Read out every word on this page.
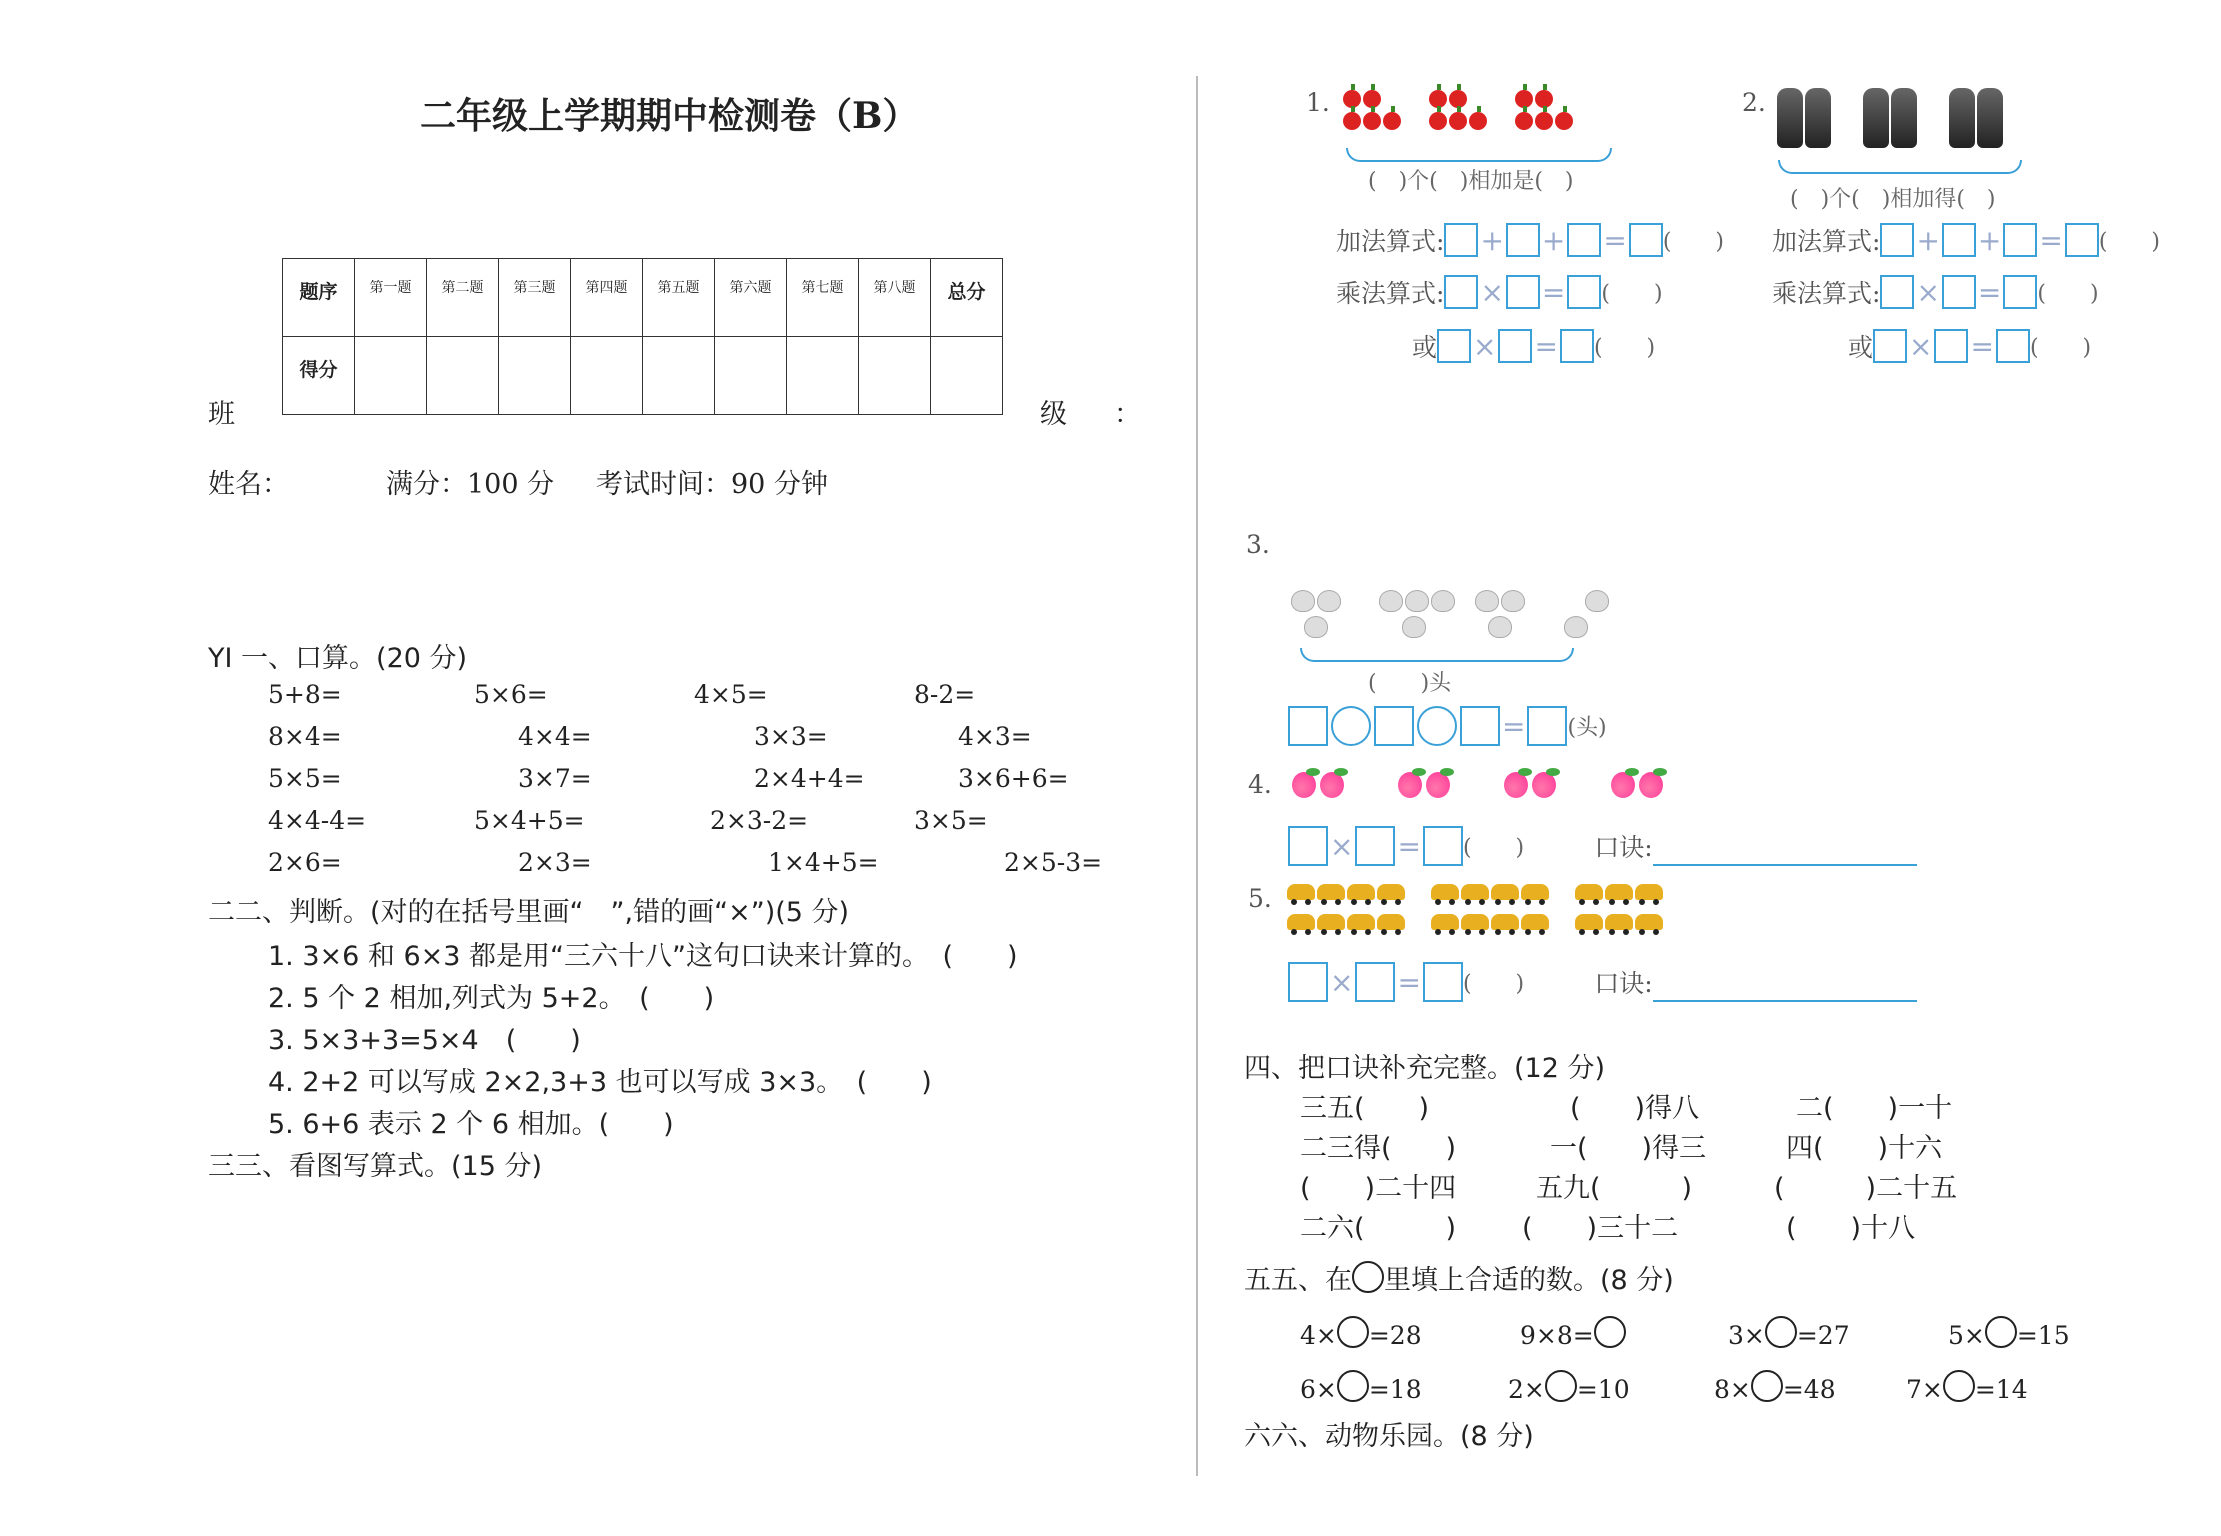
二年级上学期期中检测卷（B）
题序	第一题	第二题	第三题	第四题	第五题	第六题	第七题	第八题	总分
得分									
班	级 ：
姓名：	满分：100 分 考试时间：90 分钟
YI 一、口算。(20 分)
5+8=	5×6=	4×5=	8-2=
8×4=	4×4=	3×3=	4×3=
5×5=	3×7=	2×4+4=	3×6+6=
4×4-4=	5×4+5=	2×3-2=	3×5=
2×6=	2×3=	1×4+5=	2×5-3=
二二、判断。(对的在括号里画“　”,错的画“×”)(5 分)
1. 3×6 和 6×3 都是用“三六十八”这句口诀来计算的。　(　　)
2. 5 个 2 相加,列式为 5+2。　(　　)
3. 5×3+3=5×4　(　　)
4. 2+2 可以写成 2×2,3+3 也可以写成 3×3。　(　　)
5. 6+6 表示 2 个 6 相加。(　　)
三三、看图写算式。(15 分)
1.

(　)个(　)相加是(　)
2.

(　)个(　)相加得(　)
加法算式: + + = (　　)
乘法算式: × = (　　)
或 × = (　　)
加法算式: + + = (　　)
乘法算式: × = (　　)
或 × = (　　)
3.

(　　)头
= (头)
4.

× = (　　)	口诀:
5.

× = (　　)	口诀:
四、把口诀补充完整。(12 分)
三五(　　)	(　　)得八	二(　　)一十
二三得(　　)	一(　　)得三	四(　　)十六
(　　)二十四	五九(　　　)	(　　　)二十五
二六(　　　) (　　)三十二	(　　)十八
五五、在 里填上合适的数。(8 分)
4× =28	9×8=	3× =27	5× =15
6× =18	2× =10	8× =48	7× =14
六六、动物乐园。(8 分)
